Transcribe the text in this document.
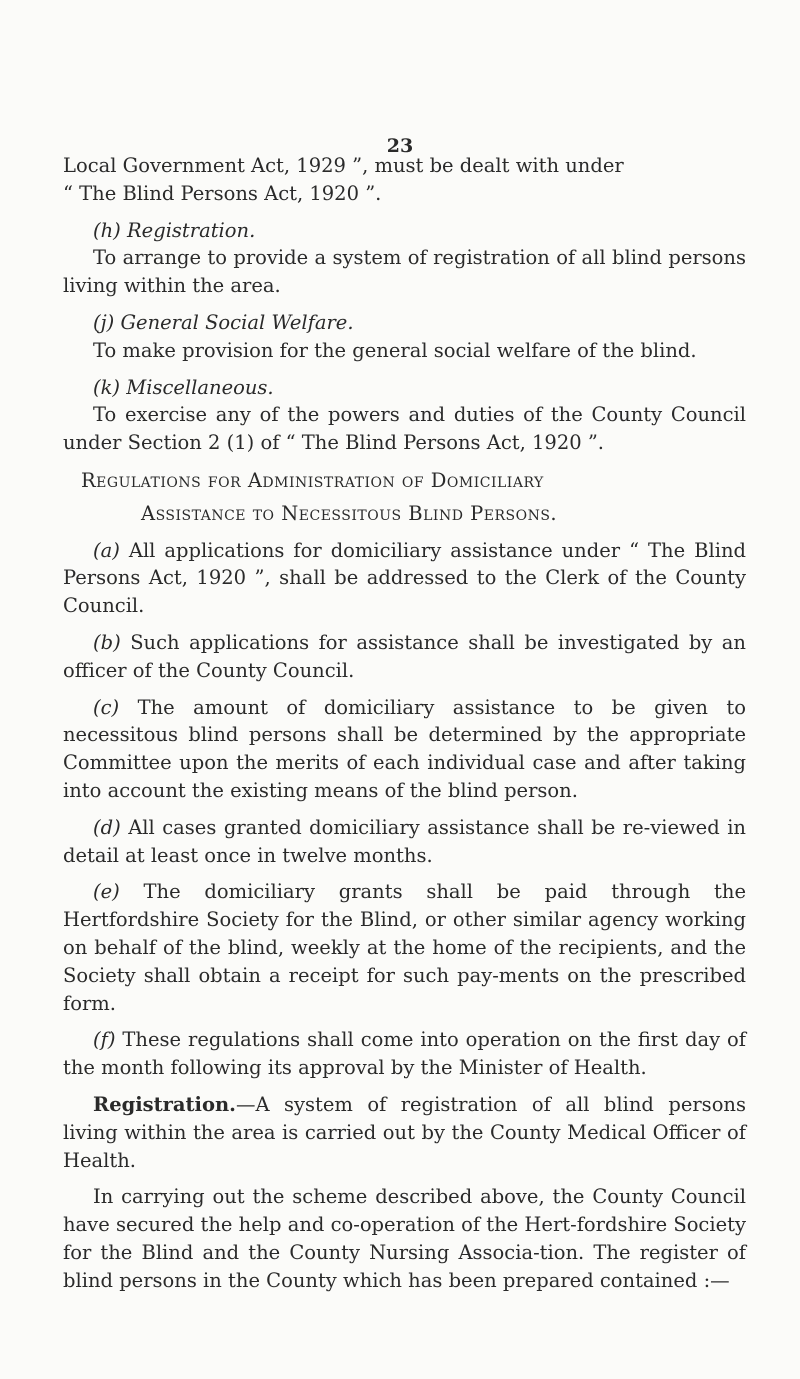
23

Local Government Act, 1929 ”, must be dealt with under
“ The Blind Persons Act, 1920 ”.

(h) Registration.

To arrange to provide a system of registration of all blind persons living within the area.

(j) General Social Welfare.

To make provision for the general social welfare of the blind.

(k) Miscellaneous.

To exercise any of the powers and duties of the County Council under Section 2 (1) of “ The Blind Persons Act, 1920 ”.

Regulations for Administration of Domiciliary
Assistance to Necessitous Blind Persons.

(a) All applications for domiciliary assistance under “ The Blind Persons Act, 1920 ”, shall be addressed to the Clerk of the County Council.

(b) Such applications for assistance shall be investigated by an officer of the County Council.

(c) The amount of domiciliary assistance to be given to necessitous blind persons shall be determined by the appropriate Committee upon the merits of each individual case and after taking into account the existing means of the blind person.

(d) All cases granted domiciliary assistance shall be re-viewed in detail at least once in twelve months.

(e) The domiciliary grants shall be paid through the Hertfordshire Society for the Blind, or other similar agency working on behalf of the blind, weekly at the home of the recipients, and the Society shall obtain a receipt for such pay-ments on the prescribed form.

(f) These regulations shall come into operation on the first day of the month following its approval by the Minister of Health.

Registration.—A system of registration of all blind persons living within the area is carried out by the County Medical Officer of Health.

In carrying out the scheme described above, the County Council have secured the help and co-operation of the Hert-fordshire Society for the Blind and the County Nursing Associa-tion. The register of blind persons in the County which has been prepared contained :—
